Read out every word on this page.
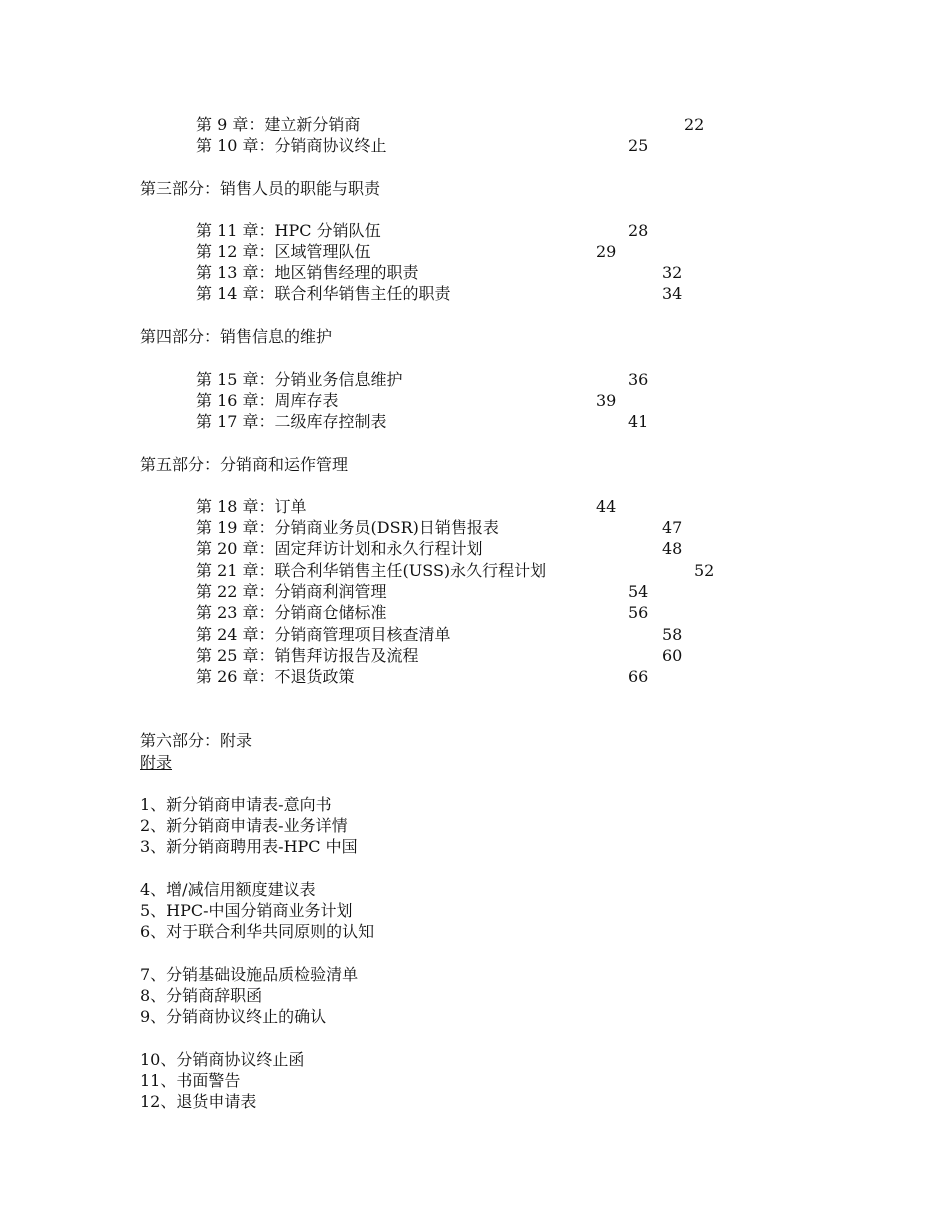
第 9 章：建立新分销商	22
第 10 章：分销商协议终止	25
第三部分：销售人员的职能与职责
第 11 章：HPC 分销队伍	28
第 12 章：区域管理队伍	29
第 13 章：地区销售经理的职责	32
第 14 章：联合利华销售主任的职责	34
第四部分：销售信息的维护
第 15 章：分销业务信息维护	36
第 16 章：周库存表	39
第 17 章：二级库存控制表	41
第五部分：分销商和运作管理
第 18 章：订单	44
第 19 章：分销商业务员(DSR)日销售报表	47
第 20 章：固定拜访计划和永久行程计划	48
第 21 章：联合利华销售主任(USS)永久行程计划	52
第 22 章：分销商利润管理	54
第 23 章：分销商仓储标准	56
第 24 章：分销商管理项目核查清单	58
第 25 章：销售拜访报告及流程	60
第 26 章：不退货政策	66
第六部分：附录
附录
1、新分销商申请表-意向书
2、新分销商申请表-业务详情
3、新分销商聘用表-HPC 中国
4、增/减信用额度建议表
5、HPC-中国分销商业务计划
6、对于联合利华共同原则的认知
7、分销基础设施品质检验清单
8、分销商辞职函
9、分销商协议终止的确认
10、分销商协议终止函
11、书面警告
12、退货申请表
